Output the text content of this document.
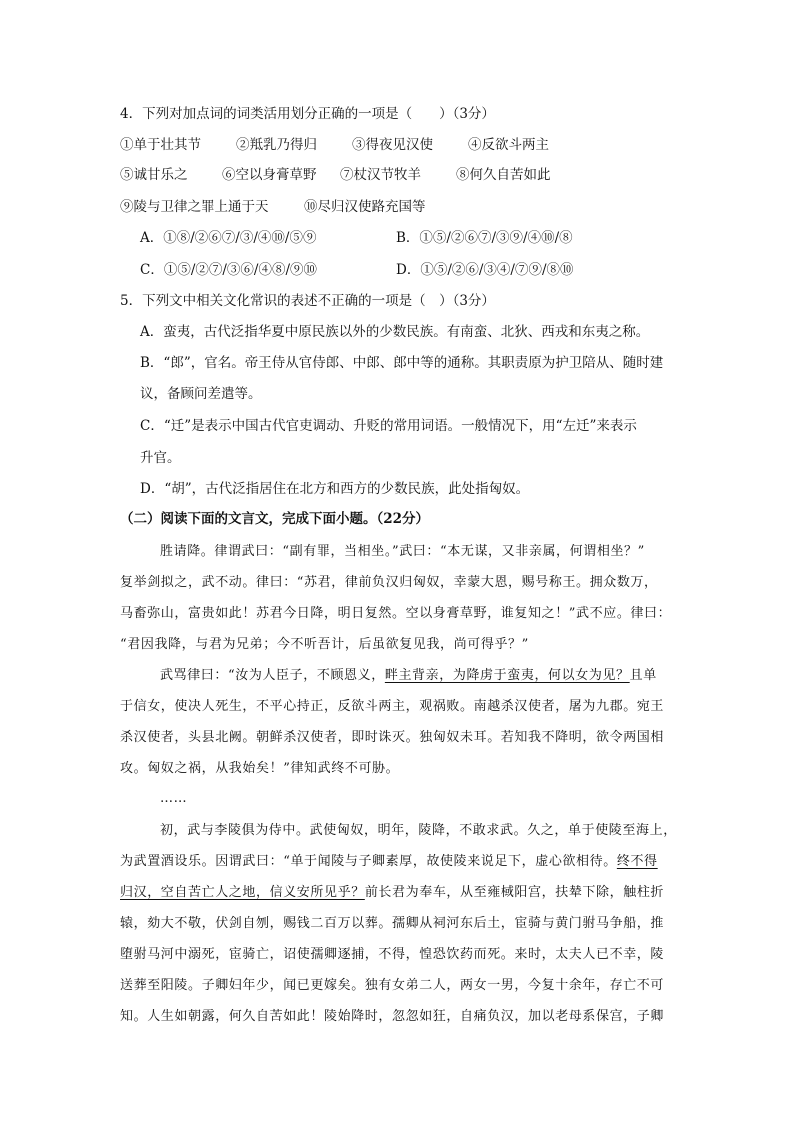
4．下列对加点词的词类活用划分正确的一项是（　　）（3分）
①单于壮其节	②羝乳乃得归	③得夜见汉使	④反欲斗两主
⑤诚甘乐之	⑥空以身膏草野 ⑦杖汉节牧羊	⑧何久自苦如此
⑨陵与卫律之罪上通于天	⑩尽归汉使路充国等
A．①⑧/②⑥⑦/③/④⑩/⑤⑨	B．①⑤/②⑥⑦/③⑨/④⑩/⑧
C．①⑤/②⑦/③⑥/④⑧/⑨⑩	D．①⑤/②⑥/③④/⑦⑨/⑧⑩
5．下列文中相关文化常识的表述不正确的一项是（　）（3分）
A．蛮夷，古代泛指华夏中原民族以外的少数民族。有南蛮、北狄、西戎和东夷之称。
B．“郎”，官名。帝王侍从官侍郎、中郎、郎中等的通称。其职责原为护卫陪从、随时建
议，备顾问差遣等。
C．“迁”是表示中国古代官吏调动、升贬的常用词语。一般情况下，用“左迁”来表示
升官。
D．“胡”，古代泛指居住在北方和西方的少数民族，此处指匈奴。
（二）阅读下面的文言文，完成下面小题。（22分）
胜请降。律谓武曰：“副有罪，当相坐。”武曰：“本无谋，又非亲属，何谓相坐？”
复举剑拟之，武不动。律曰：“苏君，律前负汉归匈奴，幸蒙大恩，赐号称王。拥众数万，
马畜弥山，富贵如此！苏君今日降，明日复然。空以身膏草野，谁复知之！”武不应。律曰：
“君因我降，与君为兄弟；今不听吾计，后虽欲复见我，尚可得乎？”
武骂律曰：“汝为人臣子，不顾恩义，畔主背亲，为降虏于蛮夷，何以女为见？且单
于信女，使决人死生，不平心持正，反欲斗两主，观祸败。南越杀汉使者，屠为九郡。宛王
杀汉使者，头县北阙。朝鲜杀汉使者，即时诛灭。独匈奴未耳。若知我不降明，欲令两国相
攻。匈奴之祸，从我始矣！”律知武终不可胁。
……
初，武与李陵俱为侍中。武使匈奴，明年，陵降，不敢求武。久之，单于使陵至海上，
为武置酒设乐。因谓武曰：“单于闻陵与子卿素厚，故使陵来说足下，虚心欲相待。终不得
归汉，空自苦亡人之地，信义安所见乎？前长君为奉车，从至雍棫阳宫，扶辇下除，触柱折
辕，劾大不敬，伏剑自刎，赐钱二百万以葬。孺卿从祠河东后土，宦骑与黄门驸马争船，推
堕驸马河中溺死，宦骑亡，诏使孺卿逐捕，不得，惶恐饮药而死。来时，太夫人已不幸，陵
送葬至阳陵。子卿妇年少，闻已更嫁矣。独有女弟二人，两女一男，今复十余年，存亡不可
知。人生如朝露，何久自苦如此！陵始降时，忽忽如狂，自痛负汉，加以老母系保宫，子卿
